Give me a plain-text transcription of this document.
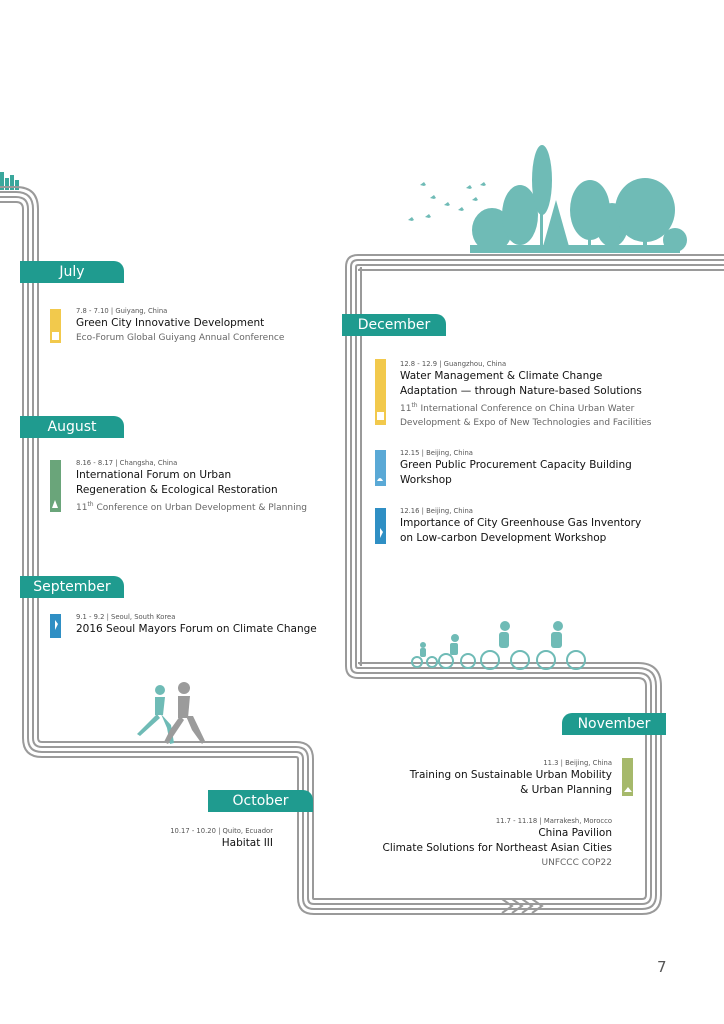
July
August
September
October
November
December
7.8 - 7.10 | Guiyang, China
Green City Innovative Development
Eco-Forum Global Guiyang Annual Conference
8.16 - 8.17 | Changsha, China
International Forum on Urban
Regeneration & Ecological Restoration
11th Conference on Urban Development & Planning
9.1 - 9.2 | Seoul, South Korea
2016 Seoul Mayors Forum on Climate Change
10.17 - 10.20 | Quito, Ecuador
Habitat III
11.3 | Beijing, China
Training on Sustainable Urban Mobility
& Urban Planning
11.7 - 11.18 | Marrakesh, Morocco
China Pavilion
Climate Solutions for Northeast Asian Cities
UNFCCC COP22
12.8 - 12.9 | Guangzhou, China
Water Management & Climate Change
Adaptation — through Nature-based Solutions
11th International Conference on China Urban Water
Development & Expo of New Technologies and Facilities
12.15 | Beijing, China
Green Public Procurement Capacity Building
Workshop
12.16 | Beijing, China
Importance of City Greenhouse Gas Inventory
on Low-carbon Development Workshop
7
